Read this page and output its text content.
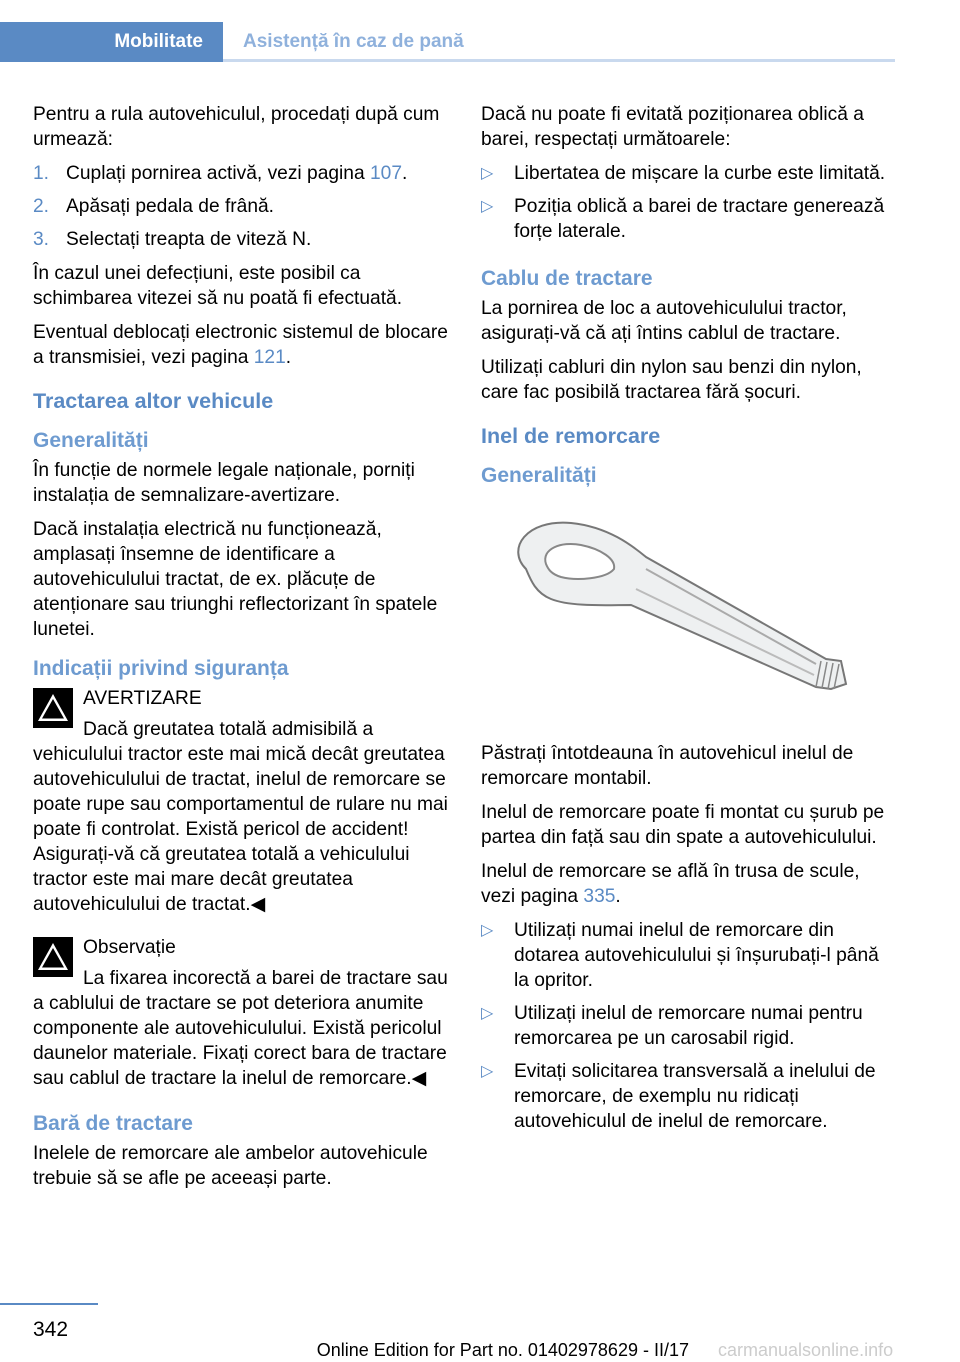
Mobilitate	Asistență în caz de pană

Pentru a rula autovehiculul, procedați după cum urmează:

1. Cuplați pornirea activă, vezi pagina 107.
2. Apăsați pedala de frână.
3. Selectați treapta de viteză N.

În cazul unei defecțiuni, este posibil ca schimbarea vitezei să nu poată fi efectuată.

Eventual deblocați electronic sistemul de blocare a transmisiei, vezi pagina 121.

Tractarea altor vehicule
Generalități

În funcție de normele legale naționale, porniți instalația de semnalizare-avertizare.

Dacă instalația electrică nu funcționează, amplasați însemne de identificare a autovehiculului tractat, de ex. plăcuțe de atenționare sau triunghi reflectorizant în spatele lunetei.

Indicații privind siguranța
AVERTIZARE
Dacă greutatea totală admisibilă a vehiculului tractor este mai mică decât greutatea autovehiculului de tractat, inelul de remorcare se poate rupe sau comportamentul de rulare nu mai poate fi controlat. Există pericol de accident! Asigurați-vă că greutatea totală a vehiculului tractor este mai mare decât greutatea autovehiculului de tractat.◀
Observație
La fixarea incorectă a barei de tractare sau a cablului de tractare se pot deteriora anumite componente ale autovehiculului. Există pericolul daunelor materiale. Fixați corect bara de tractare sau cablul de tractare la inelul de remorcare.◀
Bară de tractare

Inelele de remorcare ale ambelor autovehicule trebuie să se afle pe aceeași parte.

Dacă nu poate fi evitată poziționarea oblică a barei, respectați următoarele:

▷ Libertatea de mișcare la curbe este limitată.
▷ Poziția oblică a barei de tractare generează forțe laterale.
Cablu de tractare

La pornirea de loc a autovehiculului tractor, asigurați-vă că ați întins cablul de tractare.

Utilizați cabluri din nylon sau benzi din nylon, care fac posibilă tractarea fără șocuri.

Inel de remorcare
Generalități

Păstrați întotdeauna în autovehicul inelul de remorcare montabil.

Inelul de remorcare poate fi montat cu șurub pe partea din față sau din spate a autovehiculului.

Inelul de remorcare se află în trusa de scule, vezi pagina 335.

▷ Utilizați numai inelul de remorcare din dotarea autovehiculului și înșurubați-l până la opritor.
▷ Utilizați inelul de remorcare numai pentru remorcarea pe un carosabil rigid.
▷ Evitați solicitarea transversală a inelului de remorcare, de exemplu nu ridicați autovehiculul de inelul de remorcare.
342
Online Edition for Part no. 01402978629 - II/17 carmanualsonline.info
